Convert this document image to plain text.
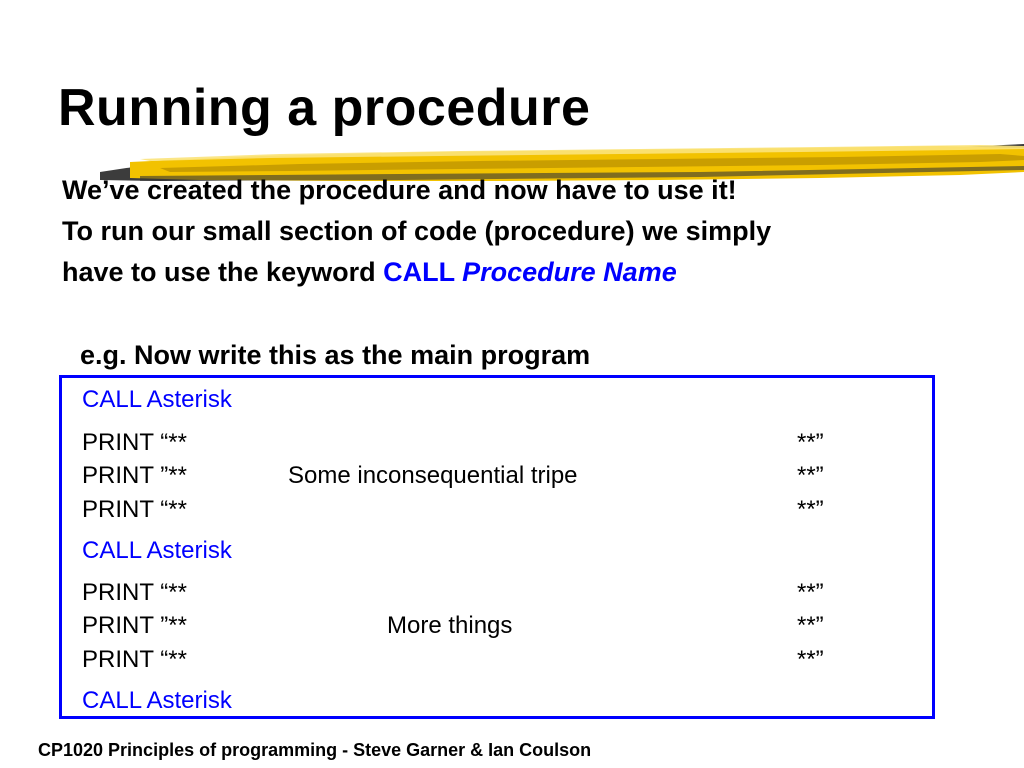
Running a procedure
We’ve created the procedure and now have to use it!
To run our small section of code (procedure) we simply
have to use the keyword CALL Procedure Name
e.g. Now write this as the main program
CALL Asterisk
PRINT “**	**”
PRINT ”**	Some inconsequential tripe	**”
PRINT “**	**”
CALL Asterisk
PRINT “**	**”
PRINT ”**	More things	**”
PRINT “**	**”
CALL Asterisk
CP1020 Principles of programming - Steve Garner & Ian Coulson
